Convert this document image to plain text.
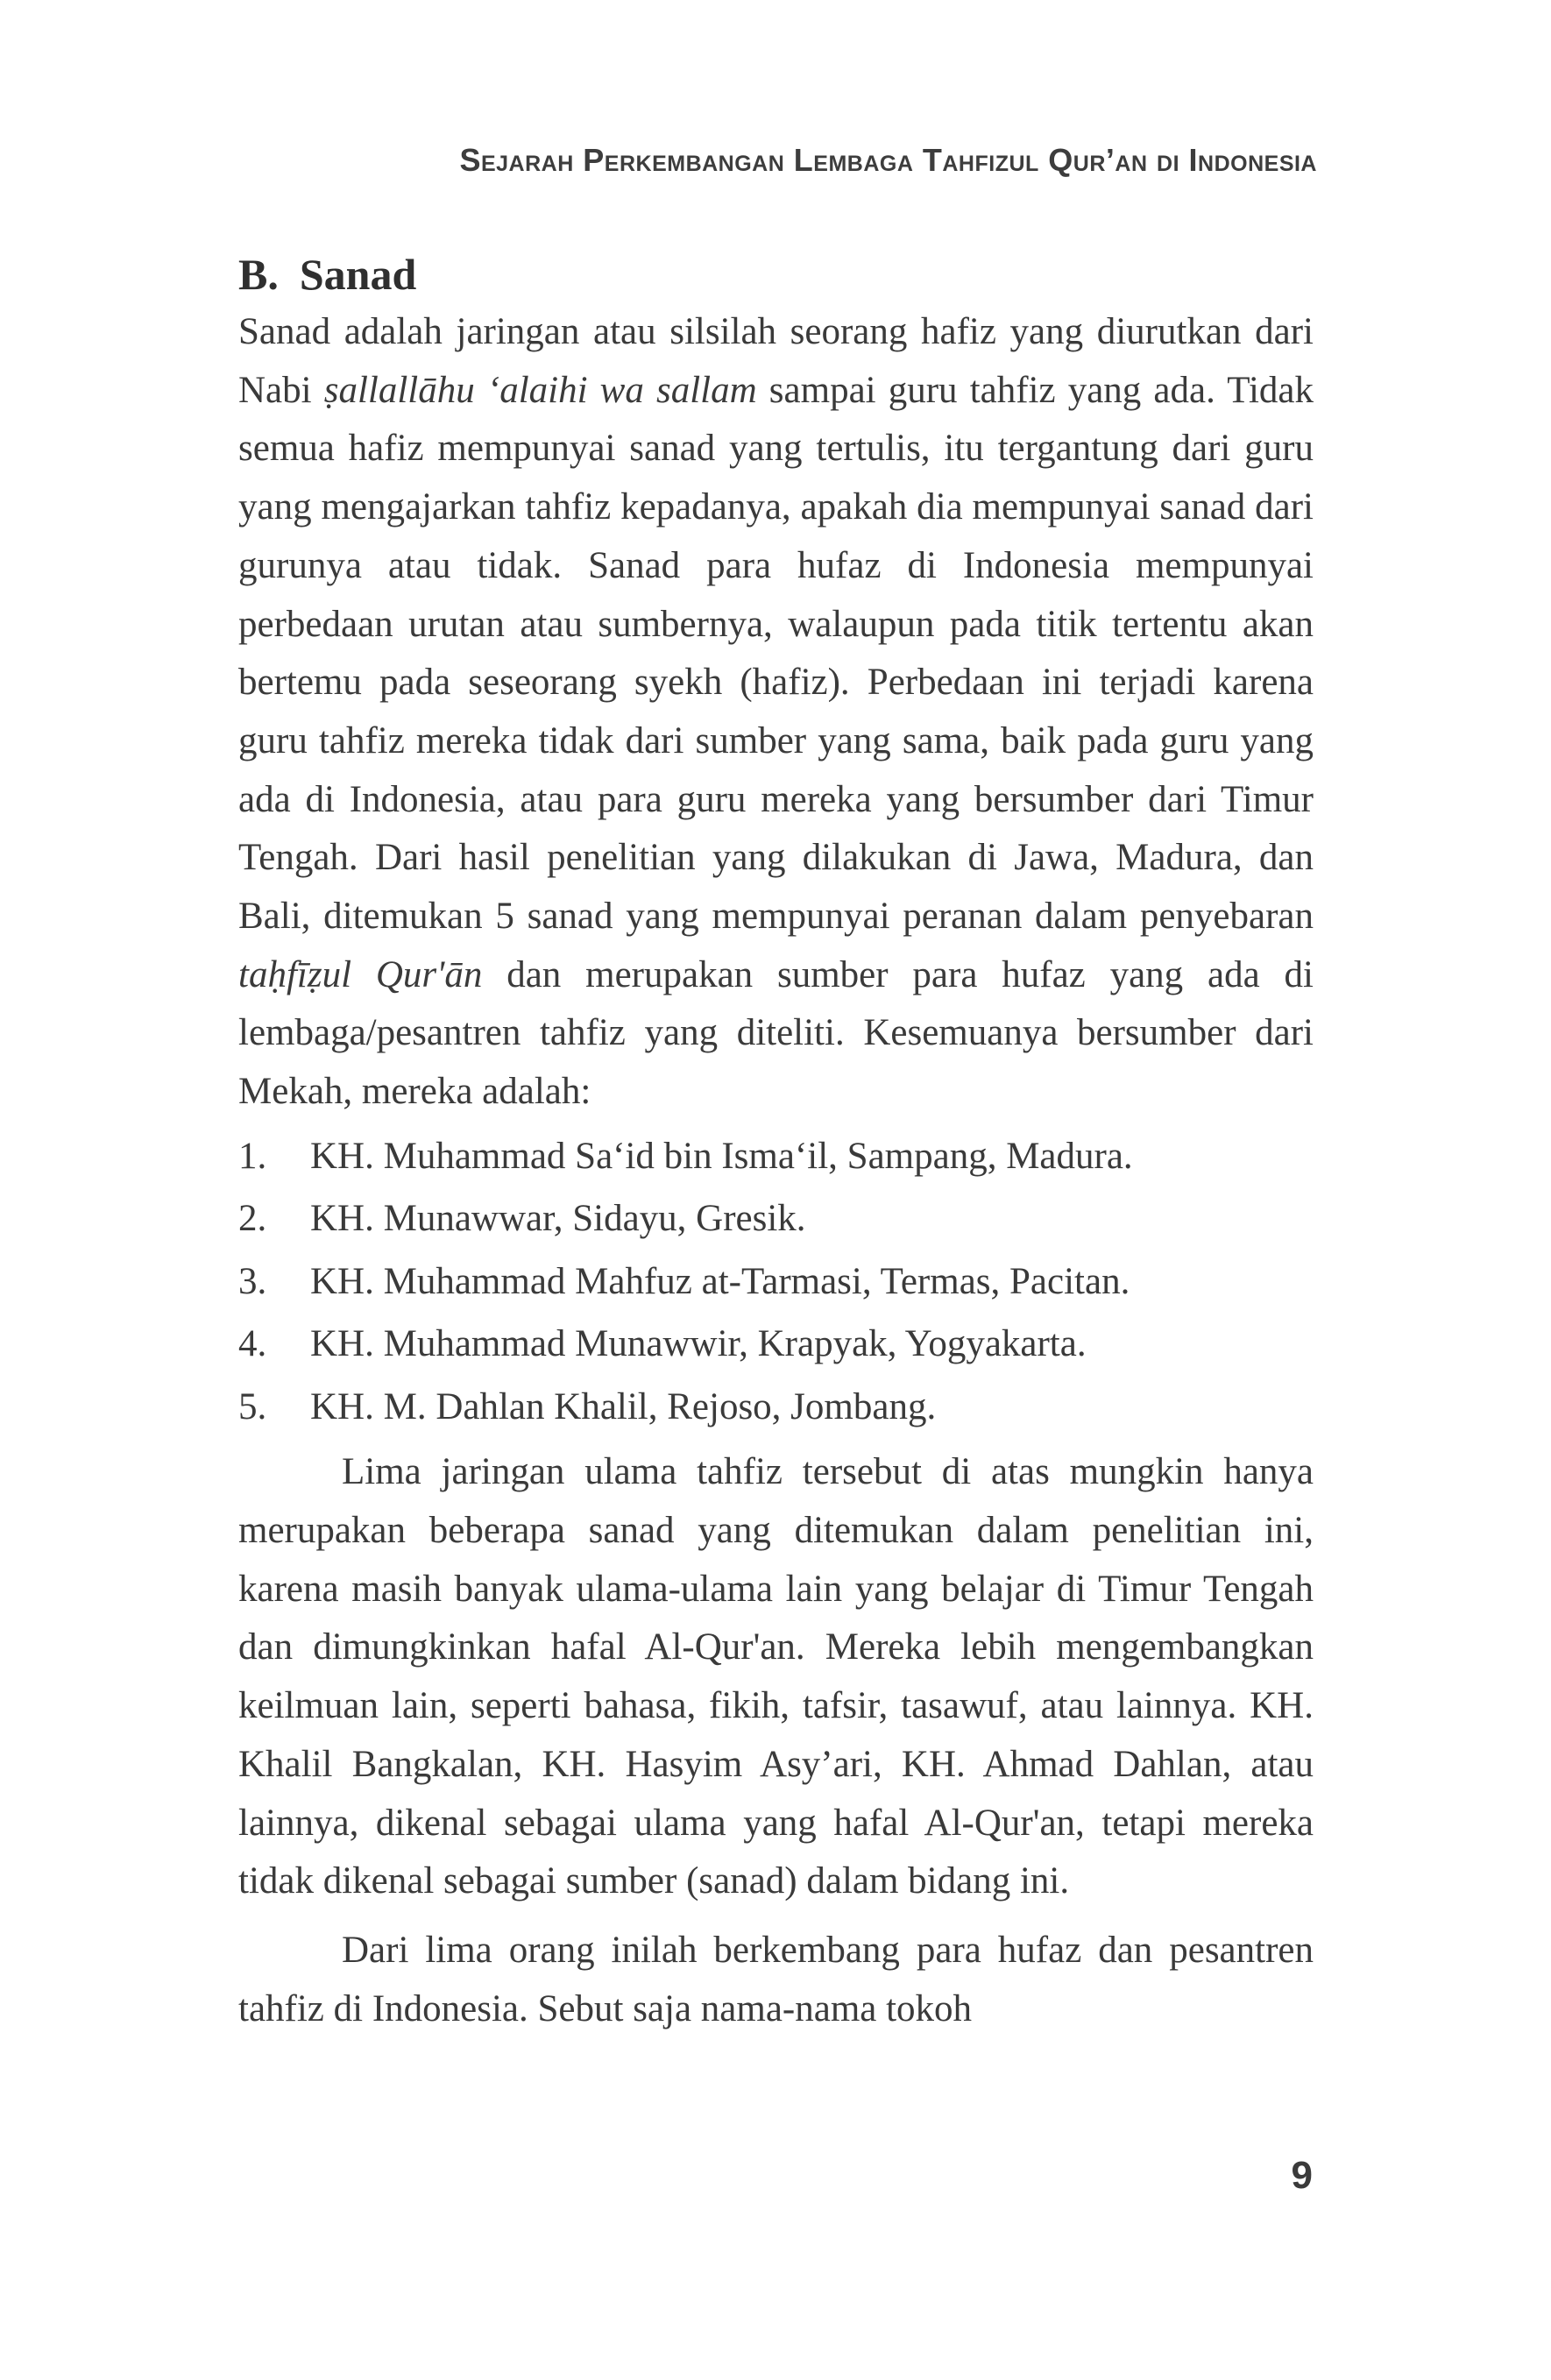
Sejarah Perkembangan Lembaga Tahfizul Qur’an di Indonesia
B. Sanad

Sanad adalah jaringan atau silsilah seorang hafiz yang diurutkan dari Nabi ṣallallāhu ‘alaihi wa sallam sampai guru tahfiz yang ada. Tidak semua hafiz mempunyai sanad yang tertulis, itu tergantung dari guru yang mengajarkan tahfiz kepadanya, apakah dia mempunyai sanad dari gurunya atau tidak. Sanad para hufaz di Indonesia mempunyai perbedaan urutan atau sumbernya, walaupun pada titik tertentu akan bertemu pada seseorang syekh (hafiz). Perbedaan ini terjadi karena guru tahfiz mereka tidak dari sumber yang sama, baik pada guru yang ada di Indonesia, atau para guru mereka yang bersumber dari Timur Tengah. Dari hasil penelitian yang dilakukan di Jawa, Madura, dan Bali, ditemukan 5 sanad yang mempunyai peranan dalam penyebaran taḥfīẓul Qur'ān dan merupakan sumber para hufaz yang ada di lembaga/pesantren tahfiz yang diteliti. Kesemuanya bersumber dari Mekah, mereka adalah:

1.	KH. Muhammad Sa‘id bin Isma‘il, Sampang, Madura.
2.	KH. Munawwar, Sidayu, Gresik.
3.	KH. Muhammad Mahfuz at-Tarmasi, Termas, Pacitan.
4.	KH. Muhammad Munawwir, Krapyak, Yogyakarta.
5.	KH. M. Dahlan Khalil, Rejoso, Jombang.

Lima jaringan ulama tahfiz tersebut di atas mungkin hanya merupakan beberapa sanad yang ditemukan dalam penelitian ini, karena masih banyak ulama-ulama lain yang belajar di Timur Tengah dan dimungkinkan hafal Al-Qur'an. Mereka lebih mengembangkan keilmuan lain, seperti bahasa, fikih, tafsir, tasawuf, atau lainnya. KH. Khalil Bangkalan, KH. Hasyim Asy’ari, KH. Ahmad Dahlan, atau lainnya, dikenal sebagai ulama yang hafal Al-Qur'an, tetapi mereka tidak dikenal sebagai sumber (sanad) dalam bidang ini.

Dari lima orang inilah berkembang para hufaz dan pesantren tahfiz di Indonesia. Sebut saja nama-nama tokoh

9
